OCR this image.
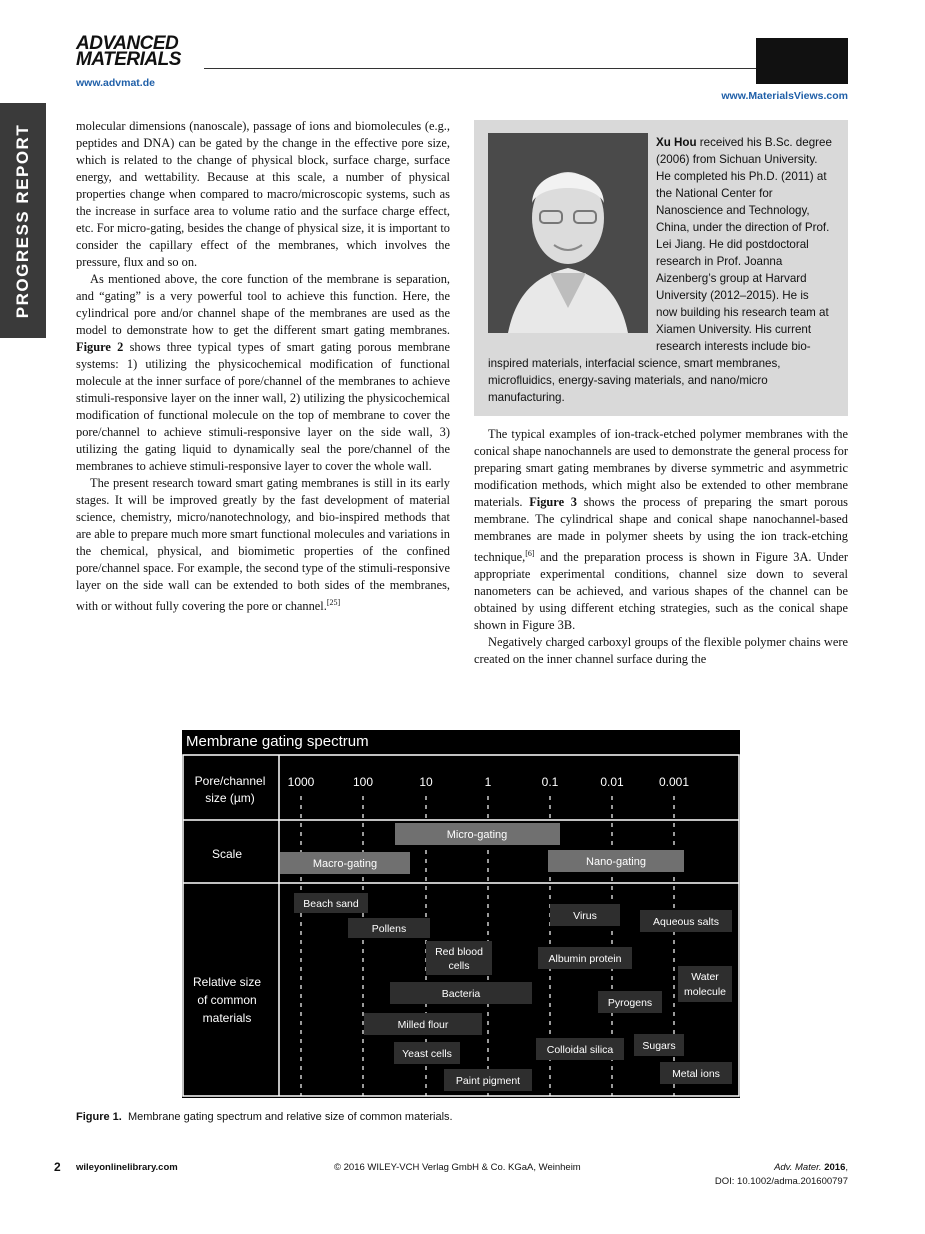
ADVANCED
MATERIALS
www.advmat.de
www.MaterialsViews.com
PROGRESS REPORT	molecular dimensions (nanoscale), passage of ions and biomolecules (e.g., peptides and DNA) can be gated by the change in the effective pore size, which is related to the change of physical block, surface charge, surface energy, and wettability. Because at this scale, a number of physical properties change when compared to macro/microscopic systems, such as the increase in surface area to volume ratio and the surface charge effect, etc. For micro-gating, besides the change of physical size, it is important to consider the capillary effect of the membranes, which involves the pressure, flux and so on.

As mentioned above, the core function of the membrane is separation, and “gating” is a very powerful tool to achieve this function. Here, the cylindrical pore and/or channel shape of the membranes are used as the model to demonstrate how to get the different smart gating membranes. Figure 2 shows three typical types of smart gating porous membrane systems: 1) utilizing the physicochemical modification of functional molecule at the inner surface of pore/channel of the membranes to achieve stimuli-responsive layer on the inner wall, 2) utilizing the physicochemical modification of functional molecule on the top of membrane to cover the pore/channel to achieve stimuli-responsive layer on the side wall, 3) utilizing the gating liquid to dynamically seal the pore/channel of the membranes to achieve stimuli-responsive layer to cover the whole wall.

The present research toward smart gating membranes is still in its early stages. It will be improved greatly by the fast development of material science, chemistry, micro/nanotechnology, and bio-inspired methods that are able to prepare much more smart functional molecules and variations in the chemical, physical, and biomimetic properties of the confined pore/channel space. For example, the second type of the stimuli-responsive layer on the side wall can be extended to both sides of the membranes, with or without fully covering the pore or channel.[25]

Xu Hou received his B.Sc. degree (2006) from Sichuan University. He completed his Ph.D. (2011) at the National Center for Nanoscience and Technology, China, under the direction of Prof. Lei Jiang. He did postdoctoral research in Prof. Joanna Aizenberg’s group at Harvard University (2012–2015). He is now building his research team at Xiamen University. His current research interests include bio-inspired materials, interfacial science, smart membranes, microfluidics, energy-saving materials, and nano/micro manufacturing.

The typical examples of ion-track-etched polymer membranes with the conical shape nanochannels are used to demonstrate the general process for preparing smart gating membranes by diverse symmetric and asymmetric modification methods, which might also be extended to other membrane materials. Figure 3 shows the process of preparing the smart porous membrane. The cylindrical shape and conical shape nanochannel-based membranes are made in polymer sheets by using the ion track-etching technique,[6] and the preparation process is shown in Figure 3A. Under appropriate experimental conditions, channel size down to several nanometers can be achieved, and various shapes of the channel can be obtained by using different etching strategies, such as the conical shape shown in Figure 3B.

Negatively charged carboxyl groups of the flexible polymer chains were created on the inner channel surface during the

Membrane gating spectrum
Pore/channel
size (µm)
Scale
Relative size
of common
materials
1000	100	10	1	0.1	0.01	0.001
Micro-gating
Macro-gating	Nano-gating
Beach sand
Pollens
Red blood
cells
Bacteria
Milled flour
Yeast cells
Paint pigment
Virus	Aqueous salts
Albumin protein
Water
molecule
Pyrogens
Colloidal silica	Sugars
Metal ions
Figure 1. Membrane gating spectrum and relative size of common materials.
2 wileyonlinelibrary.com	© 2016 WILEY-VCH Verlag GmbH & Co. KGaA, Weinheim	Adv. Mater. 2016,
DOI: 10.1002/adma.201600797
